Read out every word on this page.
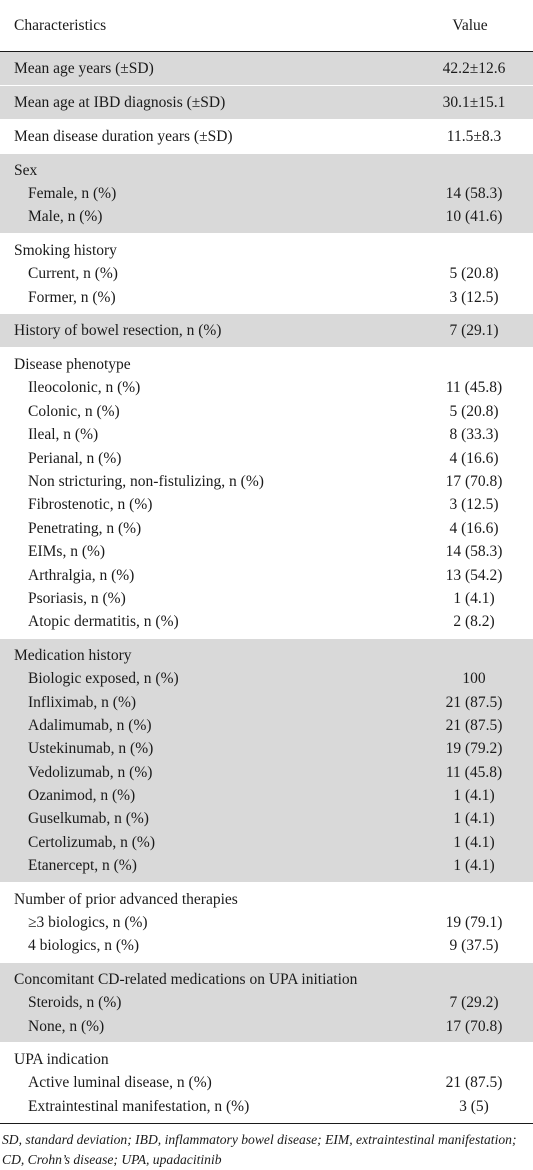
Characteristics	Value
Mean age years (±SD)	42.2±12.6
Mean age at IBD diagnosis (±SD)	30.1±15.1
Mean disease duration years (±SD)	11.5±8.3
Sex
Female, n (%)	14 (58.3)
Male, n (%)	10 (41.6)
Smoking history
Current, n (%)	5 (20.8)
Former, n (%)	3 (12.5)
History of bowel resection, n (%)	7 (29.1)
Disease phenotype
Ileocolonic, n (%)	11 (45.8)
Colonic, n (%)	5 (20.8)
Ileal, n (%)	8 (33.3)
Perianal, n (%)	4 (16.6)
Non stricturing, non-fistulizing, n (%)	17 (70.8)
Fibrostenotic, n (%)	3 (12.5)
Penetrating, n (%)	4 (16.6)
EIMs, n (%)	14 (58.3)
Arthralgia, n (%)	13 (54.2)
Psoriasis, n (%)	1 (4.1)
Atopic dermatitis, n (%)	2 (8.2)
Medication history
Biologic exposed, n (%)	100
Infliximab, n (%)	21 (87.5)
Adalimumab, n (%)	21 (87.5)
Ustekinumab, n (%)	19 (79.2)
Vedolizumab, n (%)	11 (45.8)
Ozanimod, n (%)	1 (4.1)
Guselkumab, n (%)	1 (4.1)
Certolizumab, n (%)	1 (4.1)
Etanercept, n (%)	1 (4.1)
Number of prior advanced therapies
≥3 biologics, n (%)	19 (79.1)
4 biologics, n (%)	9 (37.5)
Concomitant CD-related medications on UPA initiation
Steroids, n (%)	7 (29.2)
None, n (%)	17 (70.8)
UPA indication
Active luminal disease, n (%)	21 (87.5)
Extraintestinal manifestation, n (%)	3 (5)
SD, standard deviation; IBD, inflammatory bowel disease; EIM, extraintestinal manifestation; CD, Crohn’s disease; UPA, upadacitinib
